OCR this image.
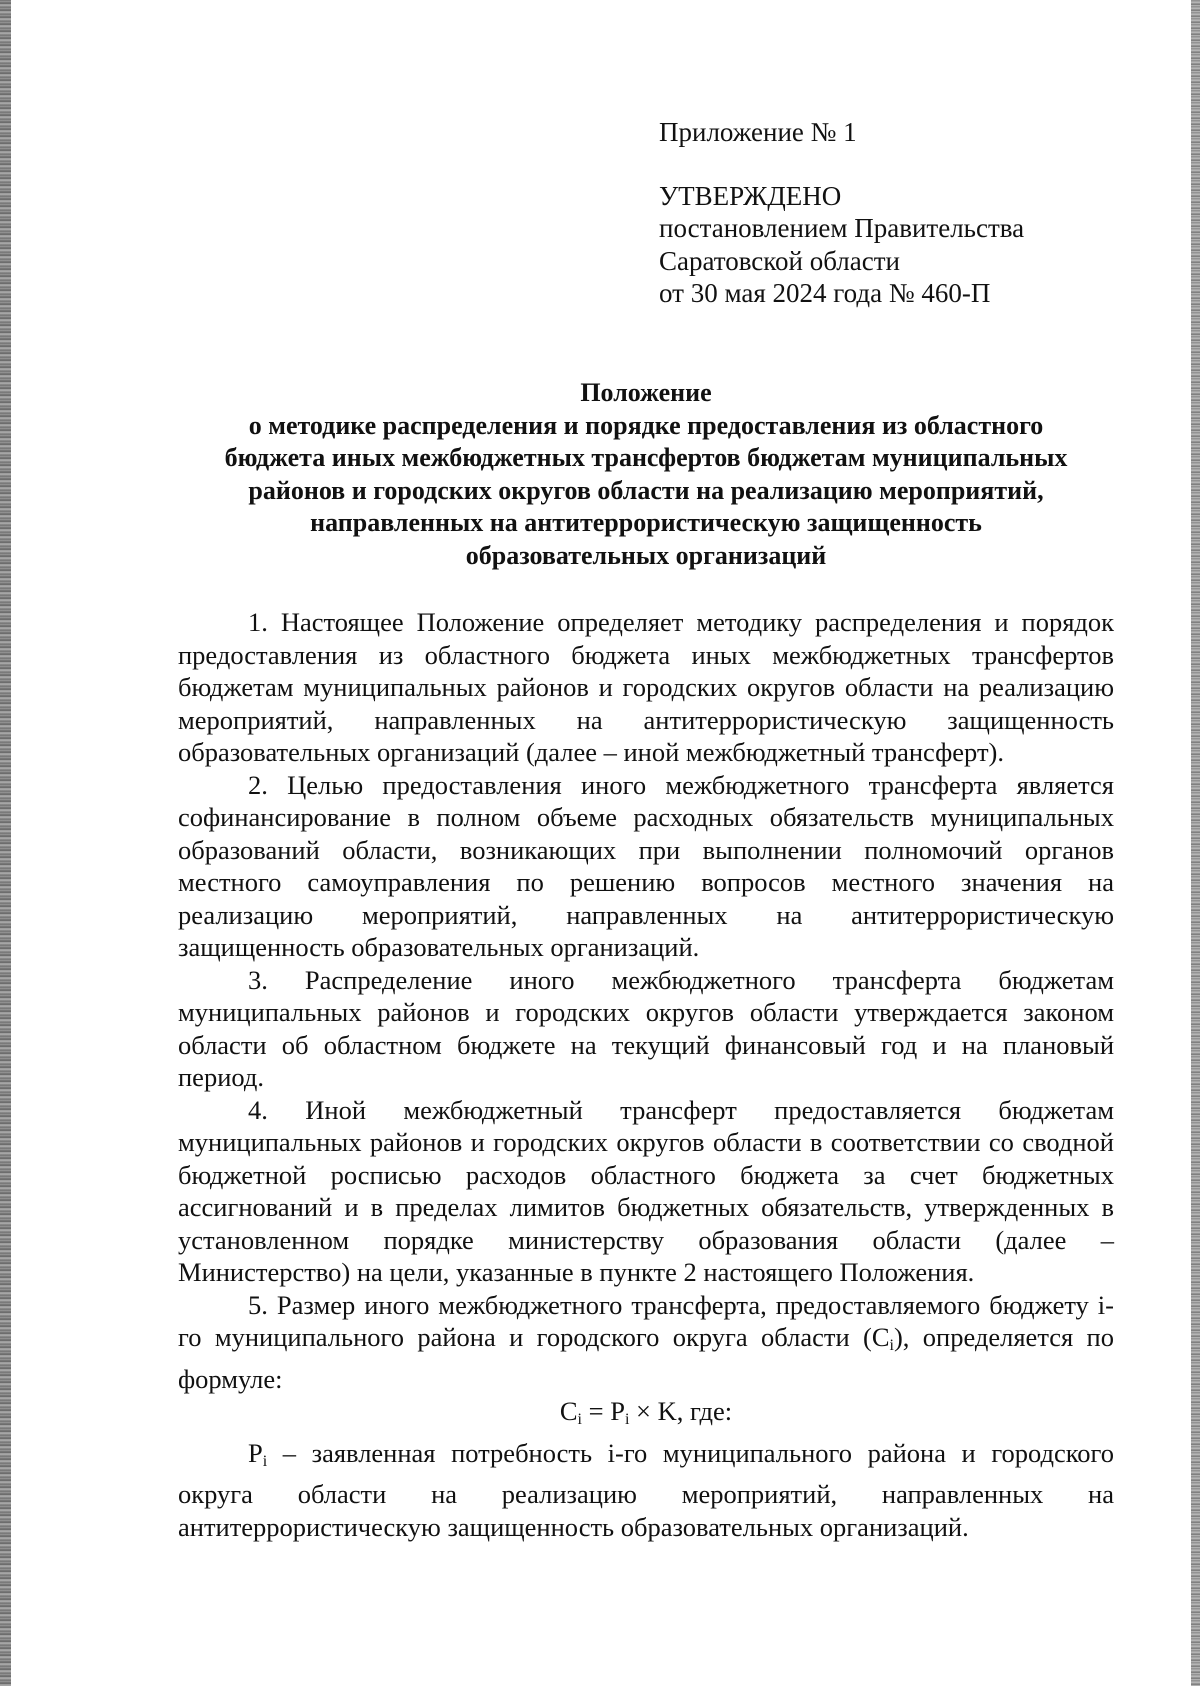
Приложение № 1

УТВЕРЖДЕНО

постановлением Правительства

Саратовской области

от 30 мая 2024 года № 460-П

Положение
о методике распределения и порядке предоставления из областного
бюджета иных межбюджетных трансфертов бюджетам муниципальных
районов и городских округов области на реализацию мероприятий,
направленных на антитеррористическую защищенность
образовательных организаций

1. Настоящее Положение определяет методику распределения и порядок предоставления из областного бюджета иных межбюджетных трансфертов бюджетам муниципальных районов и городских округов области на реализацию мероприятий, направленных на антитеррористическую защищенность образовательных организаций (далее – иной межбюджетный трансферт).

2. Целью предоставления иного межбюджетного трансферта является софинансирование в полном объеме расходных обязательств муниципальных образований области, возникающих при выполнении полномочий органов местного самоуправления по решению вопросов местного значения на реализацию мероприятий, направленных на антитеррористическую защищенность образовательных организаций.

3. Распределение иного межбюджетного трансферта бюджетам муниципальных районов и городских округов области утверждается законом области об областном бюджете на текущий финансовый год и на плановый период.

4. Иной межбюджетный трансферт предоставляется бюджетам муниципальных районов и городских округов области в соответствии со сводной бюджетной росписью расходов областного бюджета за счет бюджетных ассигнований и в пределах лимитов бюджетных обязательств, утвержденных в установленном порядке министерству образования области (далее – Министерство) на цели, указанные в пункте 2 настоящего Положения.

5. Размер иного межбюджетного трансферта, предоставляемого бюджету i-го муниципального района и городского округа области $(C_i)$, определяется по формуле:

$C_i = P_i \times K$, где:

$P_i$ – заявленная потребность i-го муниципального района и городского округа области на реализацию мероприятий, направленных на антитеррористическую защищенность образовательных организаций.
